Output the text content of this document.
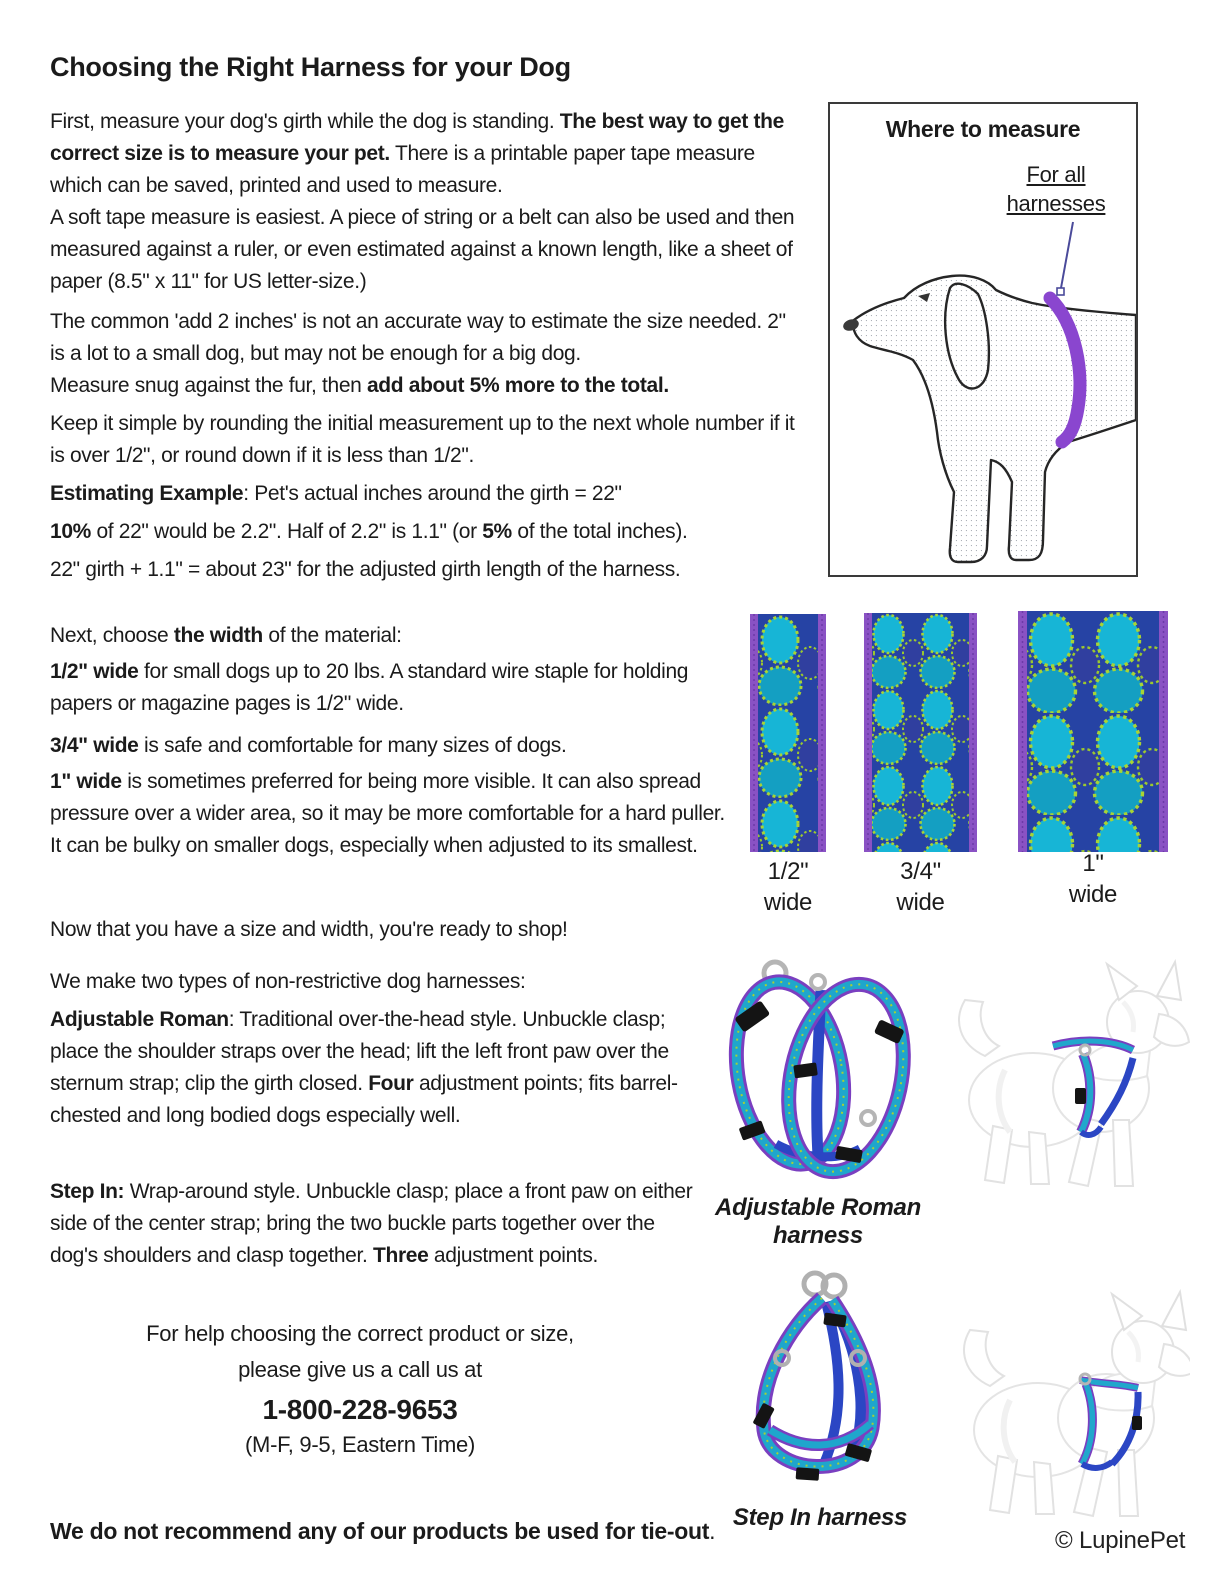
Choosing the Right Harness for your Dog
First, measure your dog's girth while the dog is standing. The best way to get the correct size is to measure your pet. There is a printable paper tape measure which can be saved, printed and used to measure.
A soft tape measure is easiest. A piece of string or a belt can also be used and then measured against a ruler, or even estimated against a known length, like a sheet of paper (8.5" x 11" for US letter-size.)
The common 'add 2 inches' is not an accurate way to estimate the size needed. 2" is a lot to a small dog, but may not be enough for a big dog.
Measure snug against the fur, then add about 5% more to the total.
Keep it simple by rounding the initial measurement up to the next whole number if it is over 1/2", or round down if it is less than 1/2".
Estimating Example: Pet's actual inches around the girth = 22"
10% of 22" would be 2.2". Half of 2.2" is 1.1" (or 5% of the total inches).
22" girth + 1.1" = about 23" for the adjusted girth length of the harness.
Next, choose the width of the material:
1/2" wide for small dogs up to 20 lbs. A standard wire staple for holding papers or magazine pages is 1/2" wide.
3/4" wide is safe and comfortable for many sizes of dogs.
1" wide is sometimes preferred for being more visible. It can also spread pressure over a wider area, so it may be more comfortable for a hard puller. It can be bulky on smaller dogs, especially when adjusted to its smallest.
Now that you have a size and width, you're ready to shop!
We make two types of non-restrictive dog harnesses:
Adjustable Roman: Traditional over-the-head style. Unbuckle clasp; place the shoulder straps over the head; lift the left front paw over the sternum strap; clip the girth closed. Four adjustment points; fits barrel-chested and long bodied dogs especially well.
Step In: Wrap-around style. Unbuckle clasp; place a front paw on either side of the center strap; bring the two buckle parts together over the dog's shoulders and clasp together. Three adjustment points.
Where to measure
For all
harnesses
1/2"
wide
3/4"
wide
1"
wide
Adjustable Roman harness
Step In harness
For help choosing the correct product or size,
please give us a call us at
1-800-228-9653
(M-F, 9-5, Eastern Time)
We do not recommend any of our products be used for tie-out.	© LupinePet
